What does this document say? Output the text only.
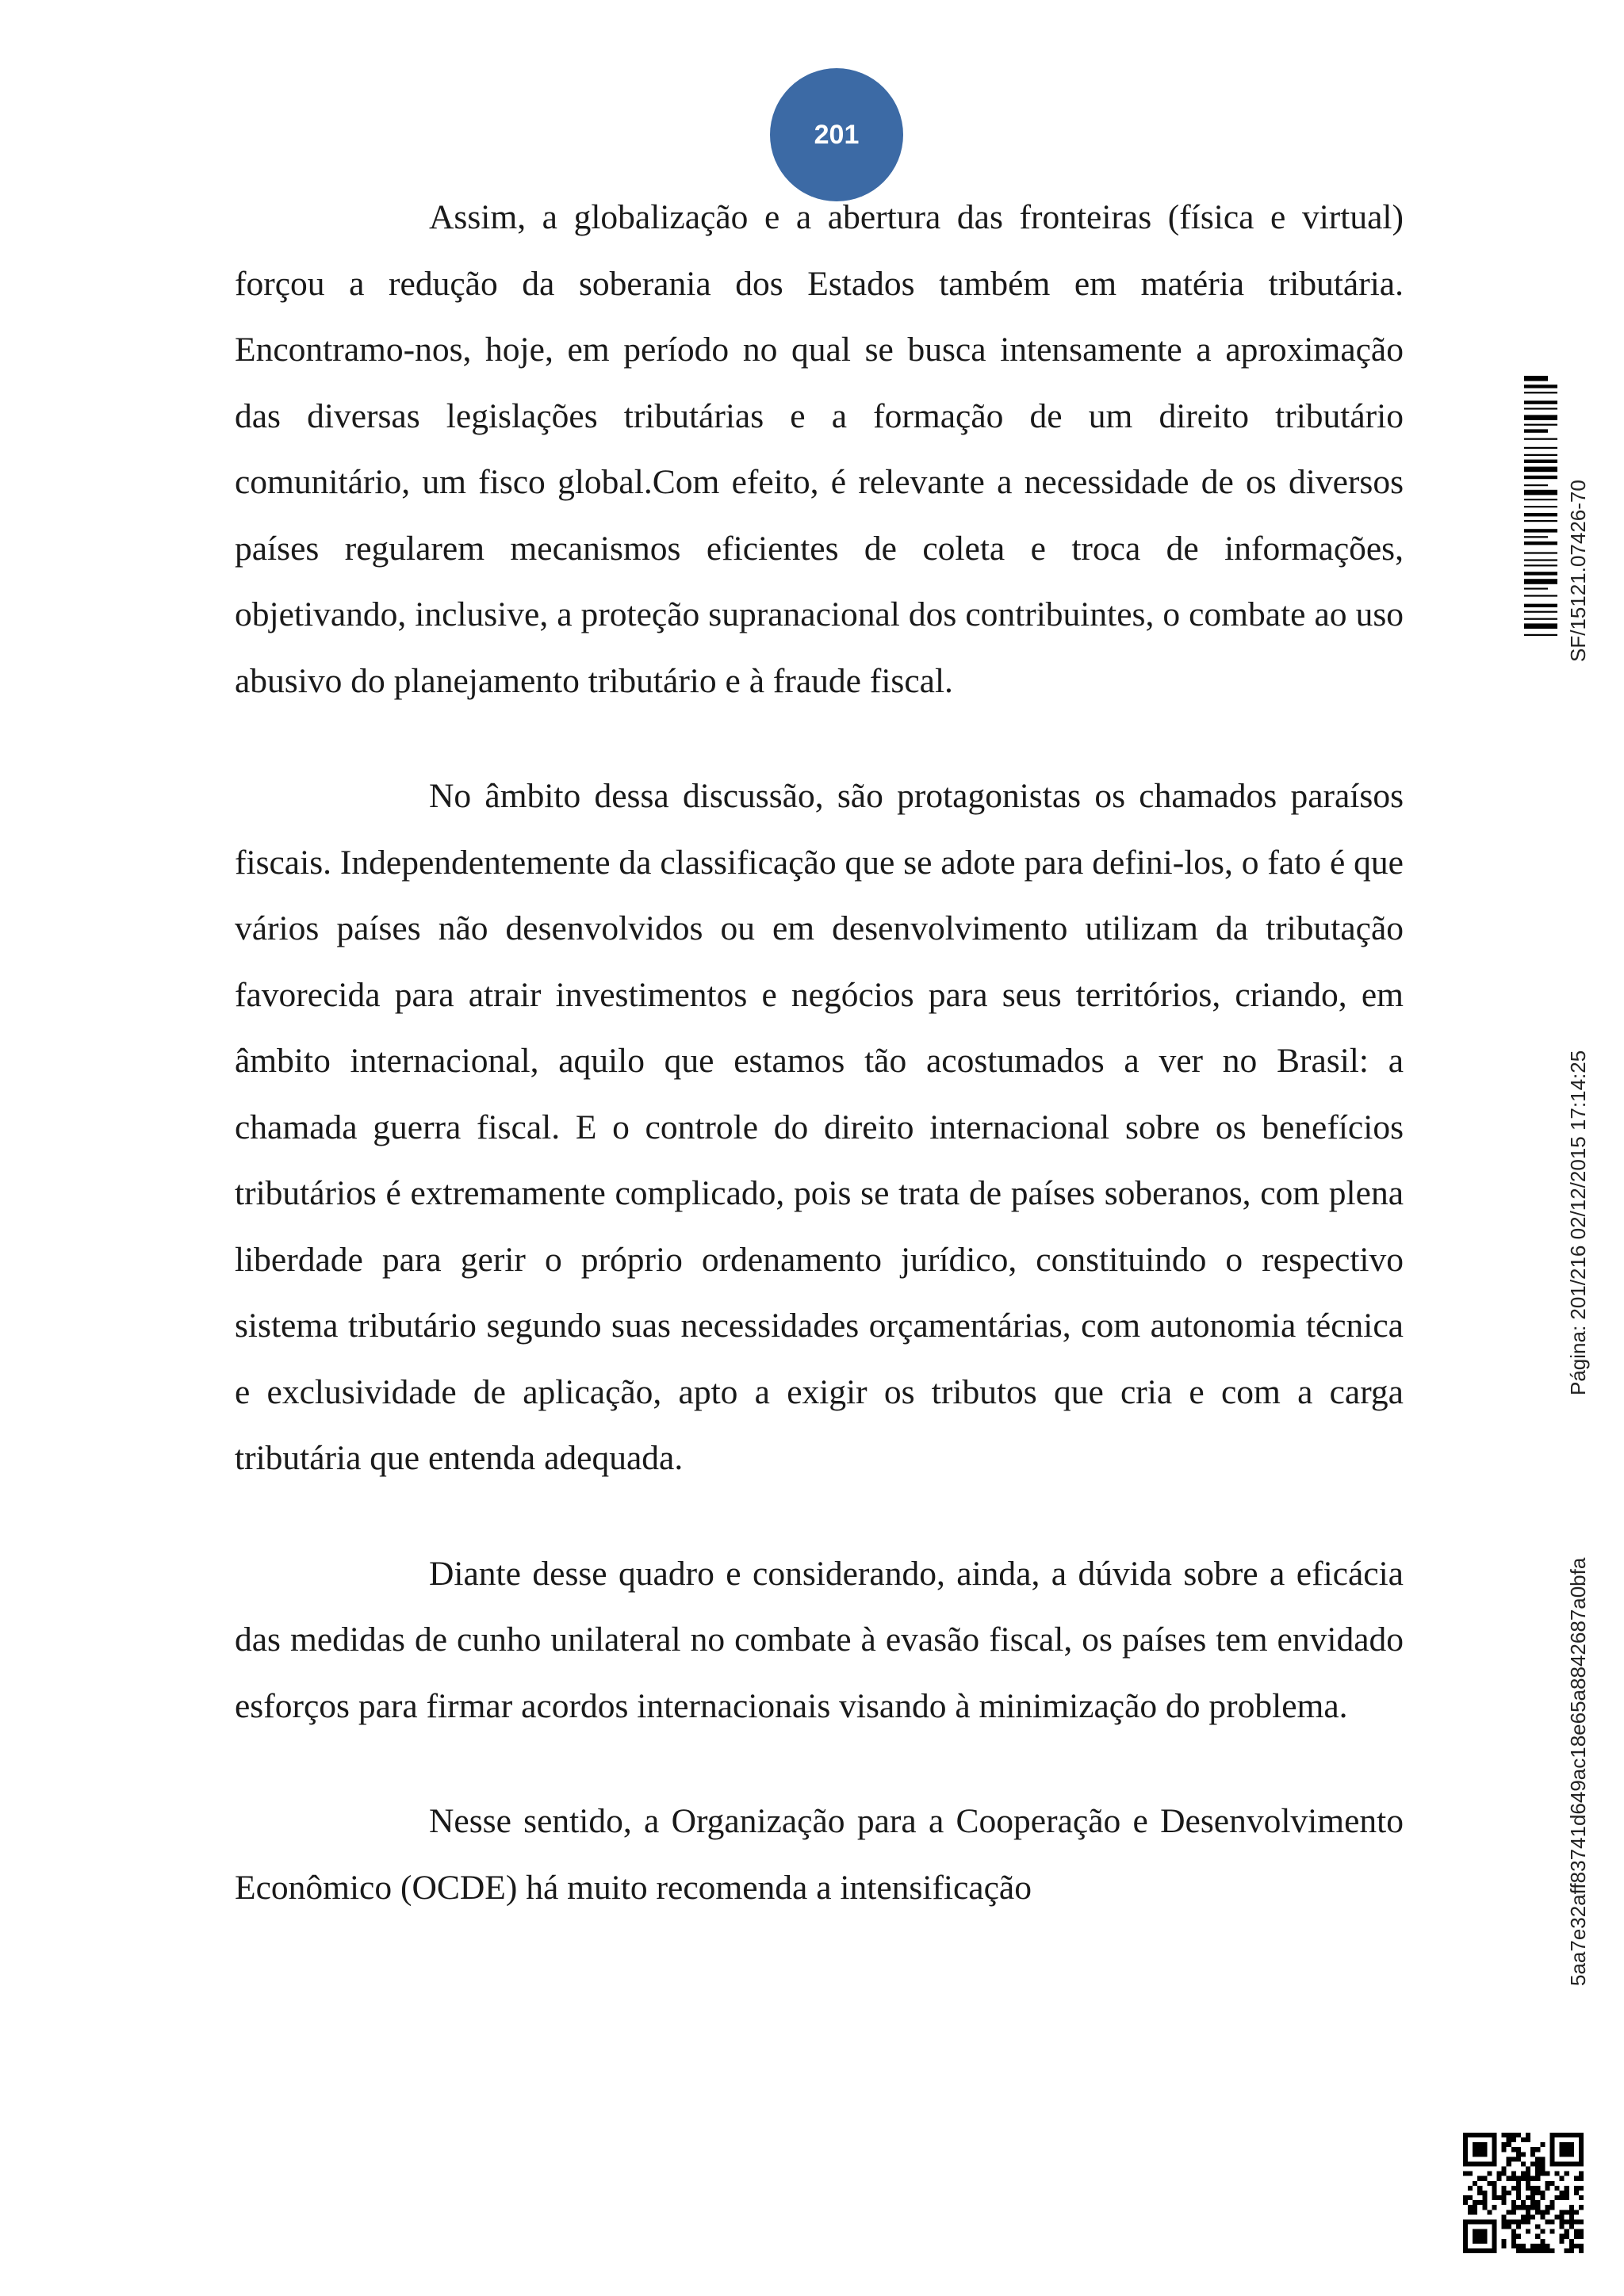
201

Assim, a globalização e a abertura das fronteiras (física e virtual) forçou a redução da soberania dos Estados também em matéria tributária. Encontramo-nos, hoje, em período no qual se busca intensamente a aproximação das diversas legislações tributárias e a formação de um direito tributário comunitário, um fisco global.Com efeito, é relevante a necessidade de os diversos países regularem mecanismos eficientes de coleta e troca de informações, objetivando, inclusive, a proteção supranacional dos contribuintes, o combate ao uso abusivo do planejamento tributário e à fraude fiscal.

No âmbito dessa discussão, são protagonistas os chamados paraísos fiscais. Independentemente da classificação que se adote para defini-los, o fato é que vários países não desenvolvidos ou em desenvolvimento utilizam da tributação favorecida para atrair investimentos e negócios para seus territórios, criando, em âmbito internacional, aquilo que estamos tão acostumados a ver no Brasil: a chamada guerra fiscal. E o controle do direito internacional sobre os benefícios tributários é extremamente complicado, pois se trata de países soberanos, com plena liberdade para gerir o próprio ordenamento jurídico, constituindo o respectivo sistema tributário segundo suas necessidades orçamentárias, com autonomia técnica e exclusividade de aplicação, apto a exigir os tributos que cria e com a carga tributária que entenda adequada.

Diante desse quadro e considerando, ainda, a dúvida sobre a eficácia das medidas de cunho unilateral no combate à evasão fiscal, os países tem envidado esforços para firmar acordos internacionais visando à minimização do problema.

Nesse sentido, a Organização para a Cooperação e Desenvolvimento Econômico (OCDE) há muito recomenda a intensificação

SF/15121.07426-70
Página: 201/216 02/12/2015 17:14:25
5aa7e32aff83741d649ac18e65a8842687a0bfa
